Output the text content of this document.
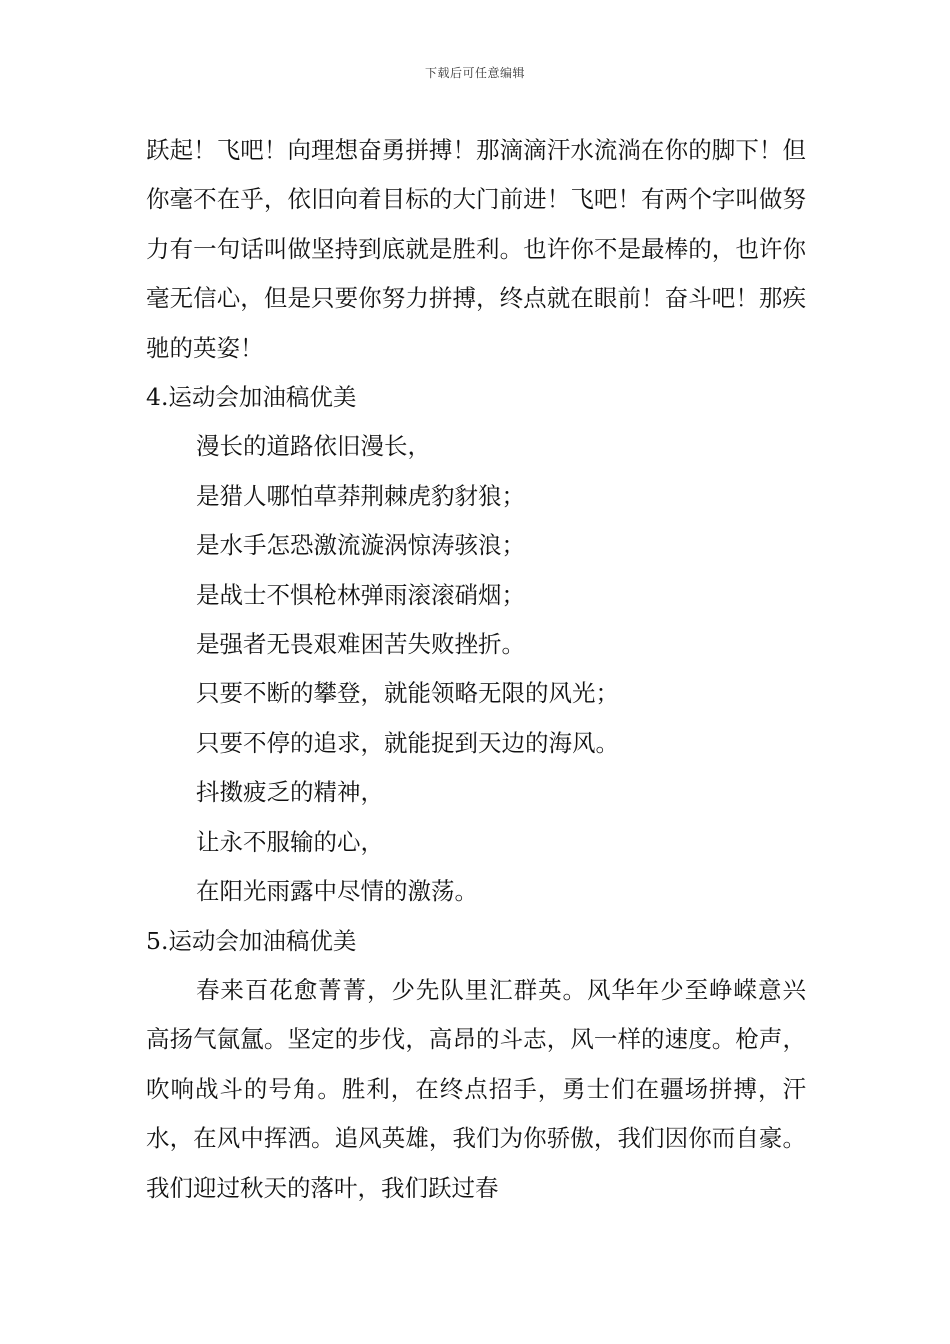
下载后可任意编辑

跃起！飞吧！向理想奋勇拼搏！那滴滴汗水流淌在你的脚下！但你毫不在乎，依旧向着目标的大门前进！飞吧！有两个字叫做努力有一句话叫做坚持到底就是胜利。也许你不是最棒的，也许你毫无信心，但是只要你努力拼搏，终点就在眼前！奋斗吧！那疾驰的英姿！

4.运动会加油稿优美

漫长的道路依旧漫长，

是猎人哪怕草莽荆棘虎豹豺狼；

是水手怎恐激流漩涡惊涛骇浪；

是战士不惧枪林弹雨滚滚硝烟；

是强者无畏艰难困苦失败挫折。

只要不断的攀登，就能领略无限的风光；

只要不停的追求，就能捉到天边的海风。

抖擞疲乏的精神，

让永不服输的心，

在阳光雨露中尽情的激荡。

5.运动会加油稿优美

春来百花愈菁菁，少先队里汇群英。风华年少至峥嵘意兴高扬气氤氲。坚定的步伐，高昂的斗志，风一样的速度。枪声，吹响战斗的号角。胜利，在终点招手，勇士们在疆场拼搏，汗水，在风中挥洒。追风英雄，我们为你骄傲，我们因你而自豪。我们迎过秋天的落叶，我们跃过春
